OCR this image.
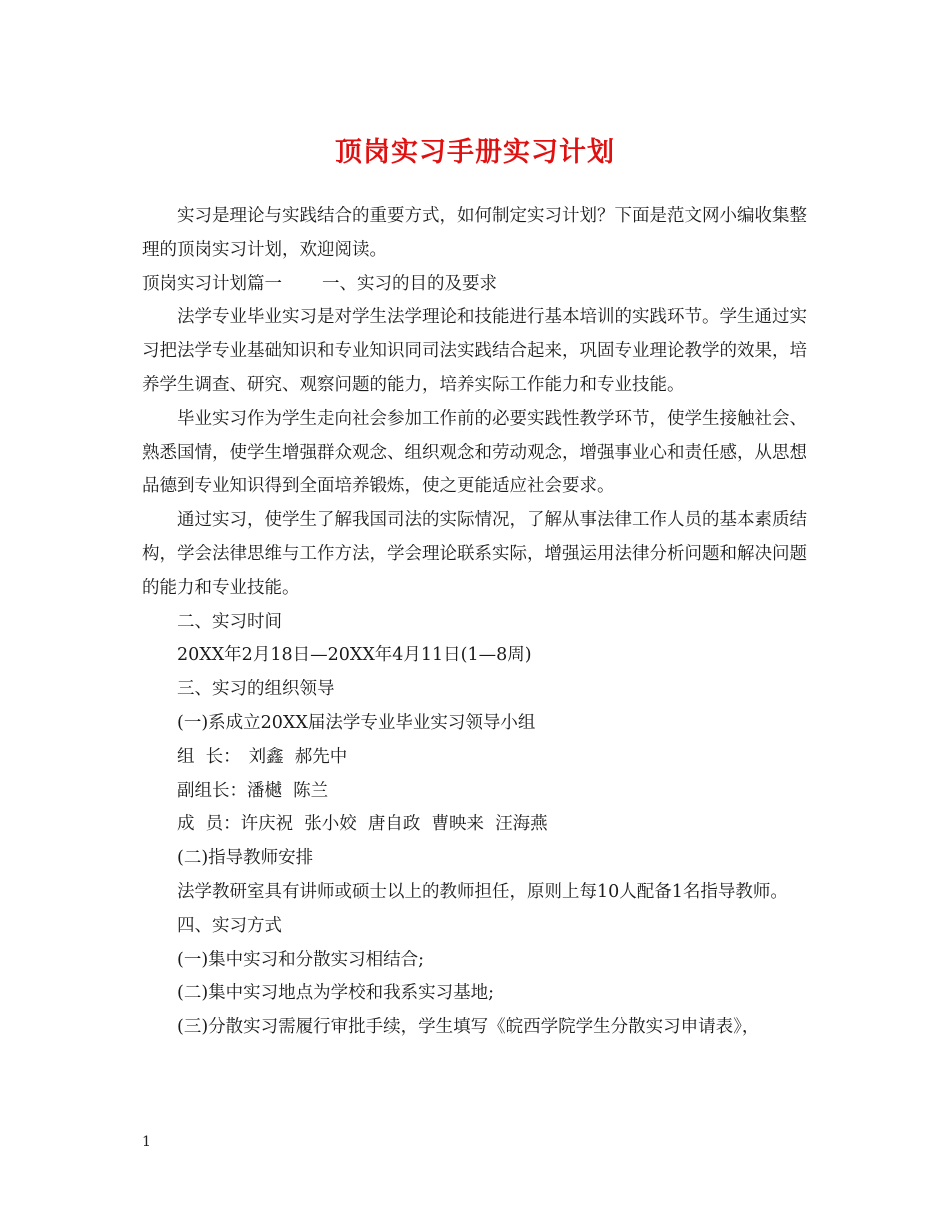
顶岗实习手册实习计划

实习是理论与实践结合的重要方式，如何制定实习计划？下面是范文网小编收集整理的顶岗实习计划，欢迎阅读。

顶岗实习计划篇一 一、实习的目的及要求

法学专业毕业实习是对学生法学理论和技能进行基本培训的实践环节。学生通过实习把法学专业基础知识和专业知识同司法实践结合起来，巩固专业理论教学的效果，培养学生调查、研究、观察问题的能力，培养实际工作能力和专业技能。

毕业实习作为学生走向社会参加工作前的必要实践性教学环节，使学生接触社会、熟悉国情，使学生增强群众观念、组织观念和劳动观念，增强事业心和责任感，从思想品德到专业知识得到全面培养锻炼，使之更能适应社会要求。

通过实习，使学生了解我国司法的实际情况，了解从事法律工作人员的基本素质结构，学会法律思维与工作方法，学会理论联系实际，增强运用法律分析问题和解决问题的能力和专业技能。

二、实习时间

20XX年2月18日—20XX年4月11日(1—8周)

三、实习的组织领导

(一)系成立20XX届法学专业毕业实习领导小组

组  长： 刘鑫  郝先中

副组长：潘樾  陈兰

成  员：许庆祝  张小姣  唐自政  曹映来  汪海燕

(二)指导教师安排

法学教研室具有讲师或硕士以上的教师担任，原则上每10人配备1名指导教师。

四、实习方式

(一)集中实习和分散实习相结合;

(二)集中实习地点为学校和我系实习基地;

(三)分散实习需履行审批手续，学生填写《皖西学院学生分散实习申请表》，

1
